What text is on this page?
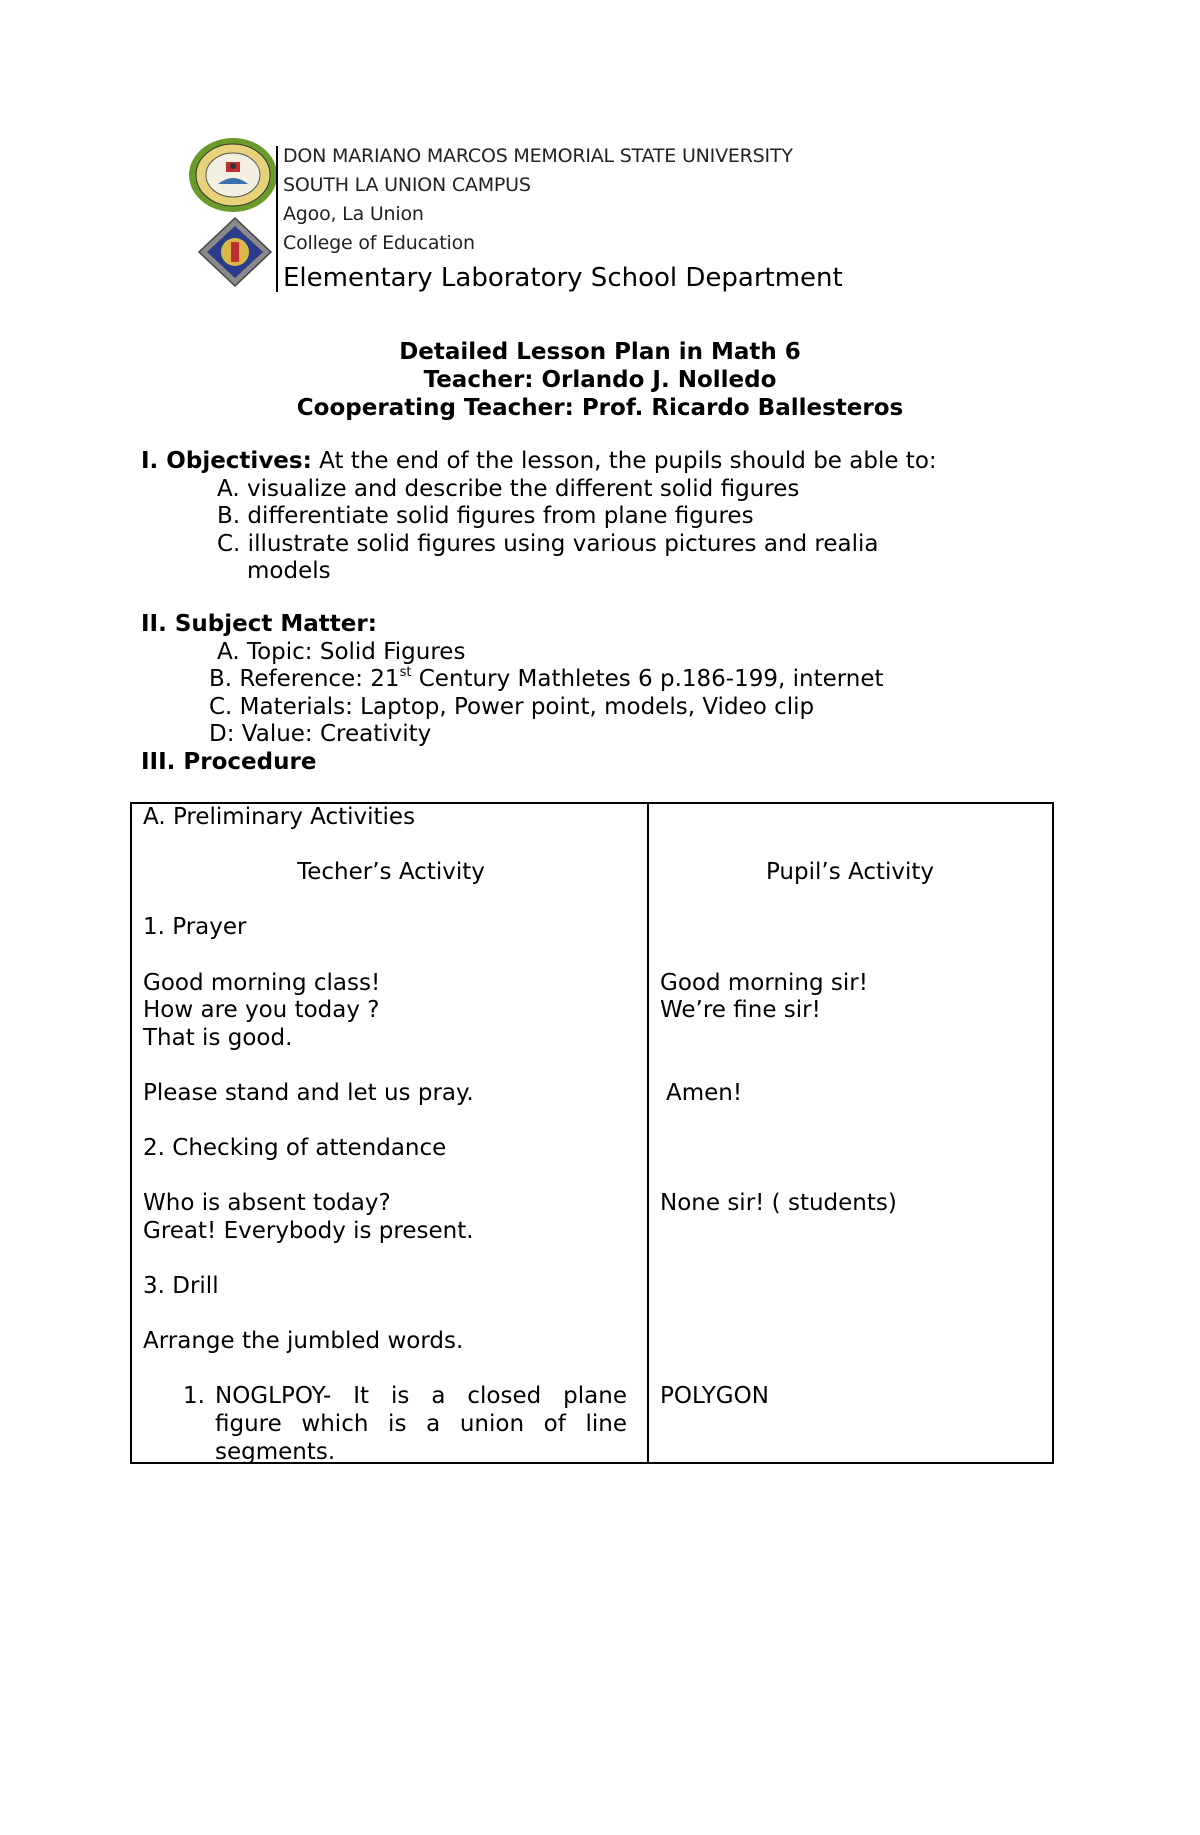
DON MARIANO MARCOS MEMORIAL STATE UNIVERSITY
SOUTH LA UNION CAMPUS
Agoo, La Union
College of Education
Elementary Laboratory School Department
Detailed Lesson Plan in Math 6
Teacher: Orlando J. Nolledo
Cooperating Teacher: Prof. Ricardo Ballesteros
I. Objectives: At the end of the lesson, the pupils should be able to:
A. visualize and describe the different solid figures
B. differentiate solid figures from plane figures
C. illustrate solid figures using various pictures and realia
models
II. Subject Matter:
A. Topic: Solid Figures
B. Reference: 21st Century Mathletes 6 p.186-199, internet
C. Materials: Laptop, Power point, models, Video clip
D: Value: Creativity
III. Procedure
A. Preliminary Activities

Techer’s Activity

1. Prayer

Good morning class!
How are you today ?
That is good.

Please stand and let us pray.

2. Checking of attendance

Who is absent today?
Great! Everybody is present.

3. Drill

Arrange the jumbled words.

1. NOGLPOY- It is a closed plane
figure which is a union of line
segments.

Pupil’s Activity

Good morning sir!
We’re fine sir!

Amen!

None sir! ( students)

POLYGON
